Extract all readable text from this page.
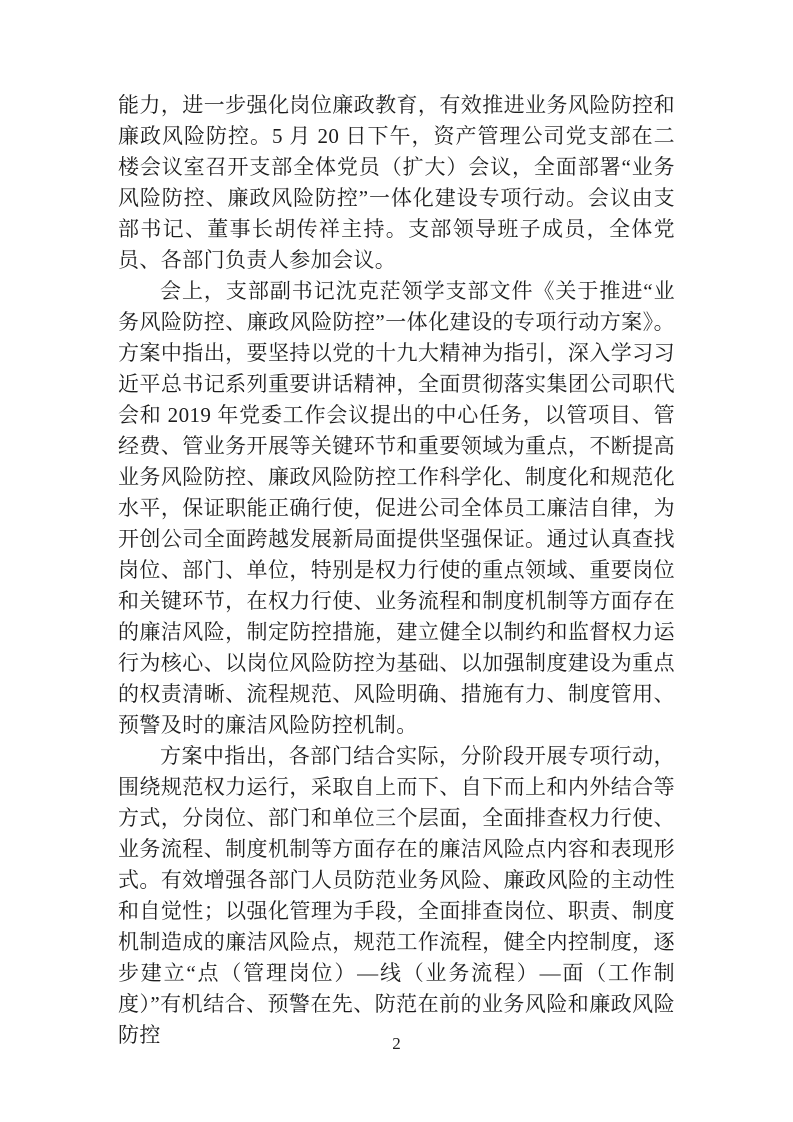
能力，进一步强化岗位廉政教育，有效推进业务风险防控和廉政风险防控。5 月 20 日下午，资产管理公司党支部在二楼会议室召开支部全体党员（扩大）会议，全面部署“业务风险防控、廉政风险防控”一体化建设专项行动。会议由支部书记、董事长胡传祥主持。支部领导班子成员，全体党员、各部门负责人参加会议。

会上，支部副书记沈克茫领学支部文件《关于推进“业务风险防控、廉政风险防控”一体化建设的专项行动方案》。方案中指出，要坚持以党的十九大精神为指引，深入学习习近平总书记系列重要讲话精神，全面贯彻落实集团公司职代会和 2019 年党委工作会议提出的中心任务，以管项目、管经费、管业务开展等关键环节和重要领域为重点，不断提高业务风险防控、廉政风险防控工作科学化、制度化和规范化水平，保证职能正确行使，促进公司全体员工廉洁自律，为开创公司全面跨越发展新局面提供坚强保证。通过认真查找岗位、部门、单位，特别是权力行使的重点领域、重要岗位和关键环节，在权力行使、业务流程和制度机制等方面存在的廉洁风险，制定防控措施，建立健全以制约和监督权力运行为核心、以岗位风险防控为基础、以加强制度建设为重点的权责清晰、流程规范、风险明确、措施有力、制度管用、预警及时的廉洁风险防控机制。

方案中指出，各部门结合实际，分阶段开展专项行动，围绕规范权力运行，采取自上而下、自下而上和内外结合等方式，分岗位、部门和单位三个层面，全面排查权力行使、业务流程、制度机制等方面存在的廉洁风险点内容和表现形式。有效增强各部门人员防范业务风险、廉政风险的主动性和自觉性；以强化管理为手段，全面排查岗位、职责、制度机制造成的廉洁风险点，规范工作流程，健全内控制度，逐步建立“点（管理岗位）—线（业务流程）—面（工作制度）”有机结合、预警在先、防范在前的业务风险和廉政风险防控	2
